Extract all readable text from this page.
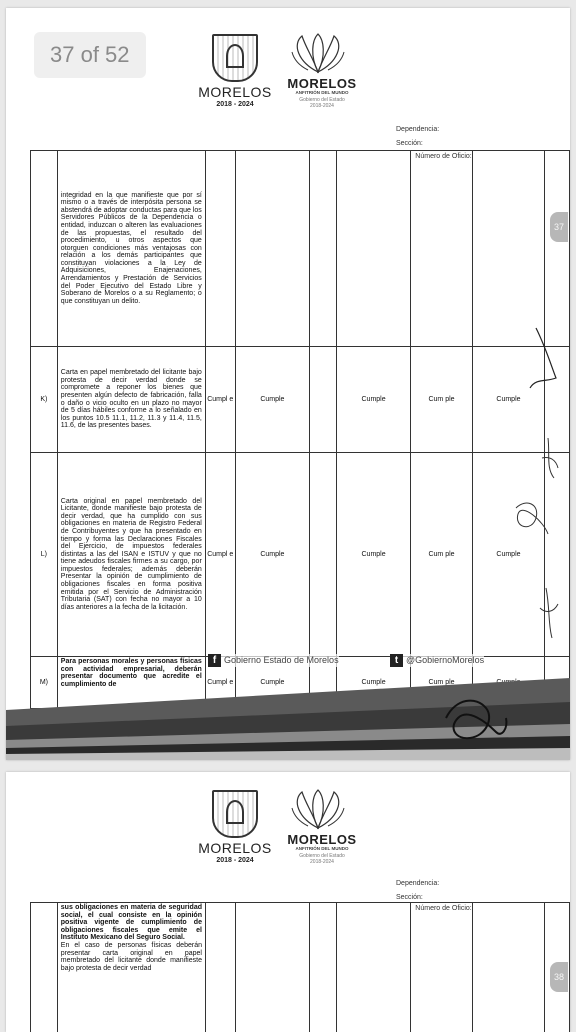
37 of 52
MORELOS
2018 - 2024
MORELOS
ANFITRIÓN DEL MUNDO
Gobierno del Estado
2018-2024
Dependencia :
Sección :
	integridad en la que manifieste que por sí mismo o a través de interpósita persona se abstendrá de adoptar conductas para que los Servidores Públicos de la Dependencia o entidad, induzcan o alteren las evaluaciones de las propuestas, el resultado del procedimiento, u otros aspectos que otorguen condiciones más ventajosas con relación a los demás participantes que constituyan violaciones a la Ley de Adquisiciones, Enajenaciones, Arrendamientos y Prestación de Servicios del Poder Ejecutivo del Estado Libre y Soberano de Morelos o a su Reglamento; o que constituyan un delito.					Número de Oficio :

K)	Carta en papel membretado del licitante bajo protesta de decir verdad donde se compromete a reponer los bienes que presenten algún defecto de fabricación, falla o daño o vicio oculto en un plazo no mayor de 5 días hábiles conforme a lo señalado en los puntos 10.5 11.1, 11.2, 11.3 y 11.4, 11.5, 11.6, de las presentes bases.	Cumpl e	Cumple		Cumple	Cum ple	Cumple	
L)	Carta original en papel membretado del Licitante, donde manifieste bajo protesta de decir verdad, que ha cumplido con sus obligaciones en materia de Registro Federal de Contribuyentes y que ha presentado en tiempo y forma las Declaraciones Fiscales del Ejercicio, de impuestos federales distintas a las del ISAN e ISTUV y que no tiene adeudos fiscales firmes a su cargo, por impuestos federales; además deberán Presentar la opinión de cumplimiento de obligaciones fiscales en forma positiva emitida por el Servicio de Administración Tributaria (SAT) con fecha no mayor a 10 días anteriores a la fecha de la licitación.	Cumpl e	Cumple		Cumple	Cum ple	Cumple	
M)	Para personas morales y personas físicas con actividad empresarial, deberán presentar documento que acredite el cumplimiento de	Cumpl e	Cumple		Cumple	Cum ple		
f Gobierno Estado de Morelos	t @GobiernoMorelos
37
MORELOS
2018 - 2024
MORELOS
ANFITRIÓN DEL MUNDO
Gobierno del Estado
2018-2024
Dependencia :
Sección :

sus obligaciones en materia de seguridad social, el cual consiste en la opinión positiva vigente de cumplimiento de obligaciones fiscales que emite el Instituto Mexicano del Seguro Social.
En el caso de personas físicas deberán presentar carta original en papel membretado del licitante donde manifieste bajo protesta de decir verdad

Número de Oficio :

38
